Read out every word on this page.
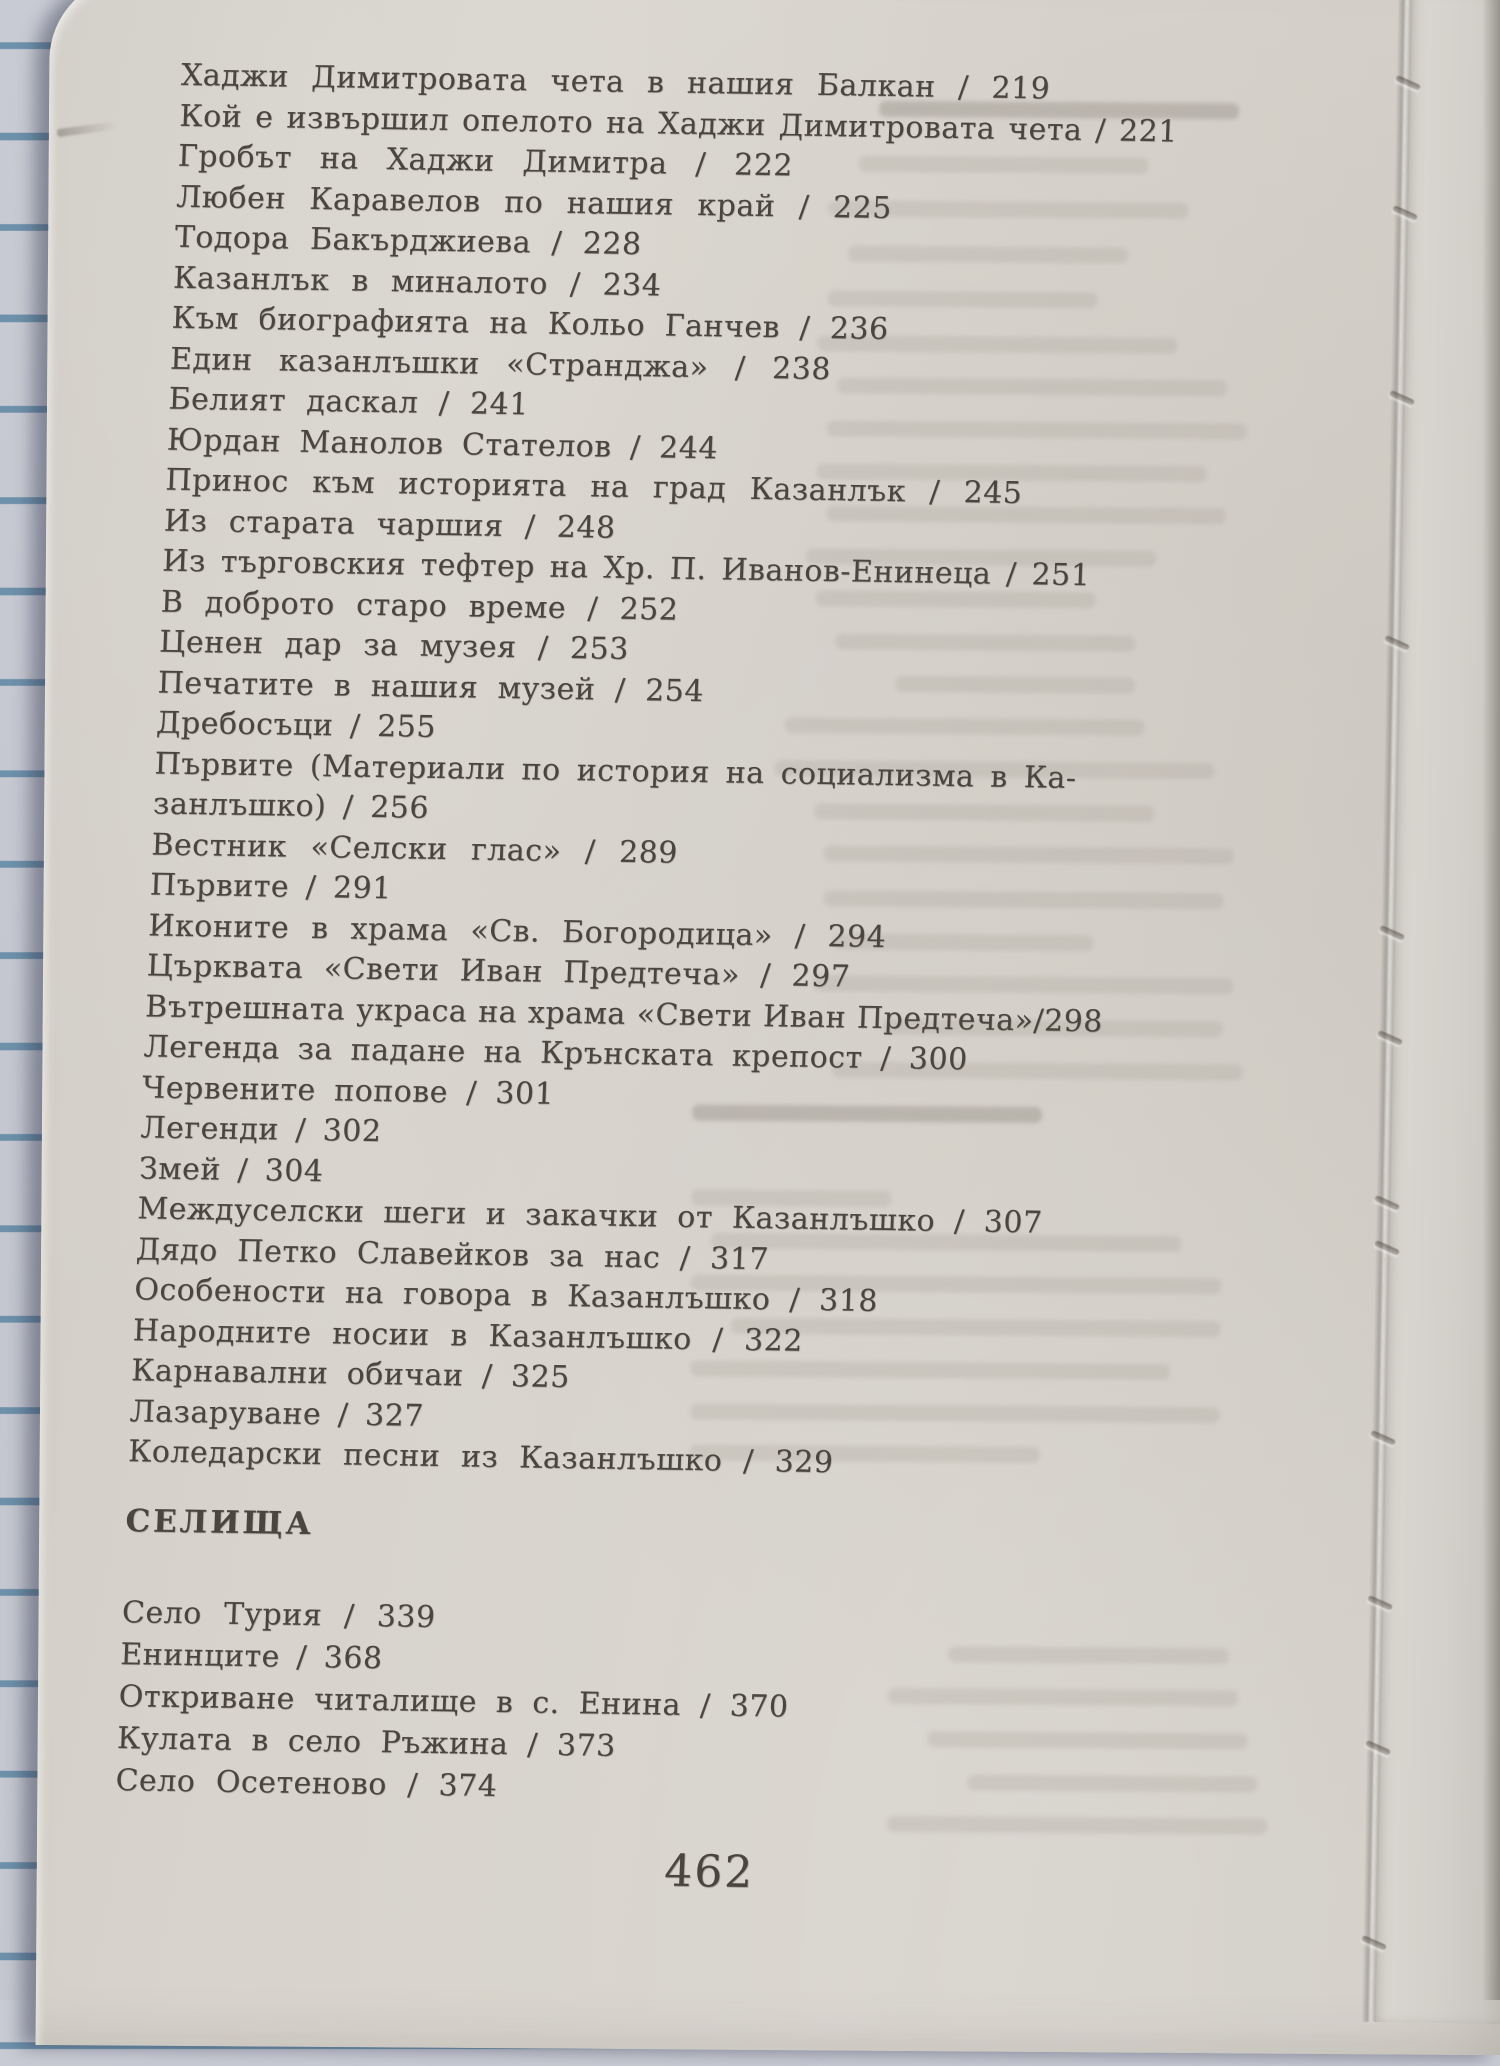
СЕЛИЩА
462
Хаджи Димитровата чета в нашия Балкан / 219
Кой е извършил опелото на Хаджи Димитровата чета / 221
Гробът на Хаджи Димитра / 222
Любен Каравелов по нашия край / 225
Тодора Бакърджиева / 228
Казанлък в миналото / 234
Към биографията на Кольо Ганчев / 236
Един казанлъшки «Странджа» / 238
Белият даскал / 241
Юрдан Манолов Стателов / 244
Принос към историята на град Казанлък / 245
Из старата чаршия / 248
Из търговския тефтер на Хр. П. Иванов-Енинеца / 251
В доброто старо време / 252
Ценен дар за музея / 253
Печатите в нашия музей / 254
Дребосъци / 255
Първите (Материали по история на социализма в Ка-
занлъшко) / 256
Вестник «Селски глас» / 289
Първите / 291
Иконите в храма «Св. Богородица» / 294
Църквата «Свети Иван Предтеча» / 297
Вътрешната украса на храма «Свети Иван Предтеча»/298
Легенда за падане на Крънската крепост / 300
Червените попове / 301
Легенди / 302
Змей / 304
Междуселски шеги и закачки от Казанлъшко / 307
Дядо Петко Славейков за нас / 317
Особености на говора в Казанлъшко / 318
Народните носии в Казанлъшко / 322
Карнавални обичаи / 325
Лазаруване / 327
Коледарски песни из Казанлъшко / 329
Село Турия / 339
Енинците / 368
Откриване читалище в с. Енина / 370
Кулата в село Ръжина / 373
Село Осетеново / 374
